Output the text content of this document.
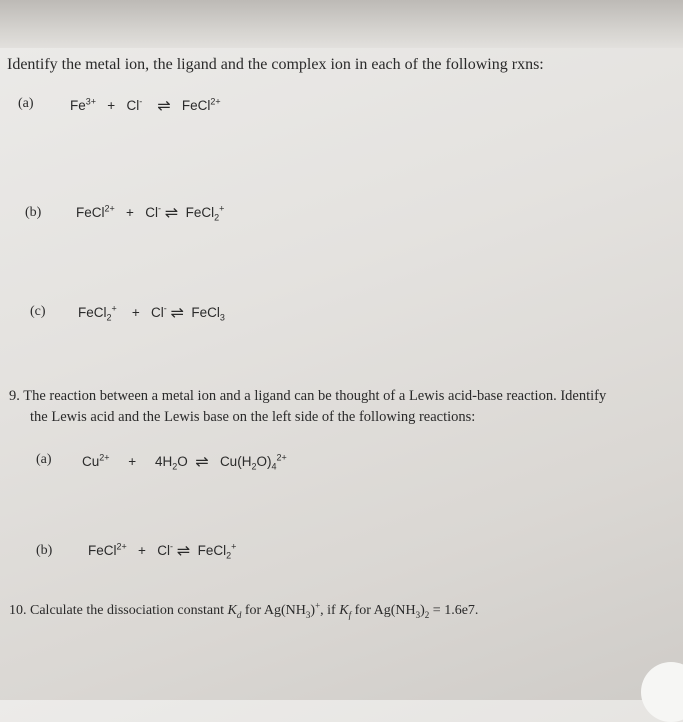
Identify the metal ion, the ligand and the complex ion in each of the following rxns:
(a)	$Fe^{3+} + Cl^-$ ⇌ FeCl$^{2+}$
(b)	FeCl$^{2+}$ + Cl- ⇌ FeCl$_2$+
(c) FeCl$_2$+ + Cl- ⇌ FeCl$_3$
9. The reaction between a metal ion and a ligand can be thought of a Lewis acid-base reaction. Identify
the Lewis acid and the Lewis base on the left side of the following reactions:
(a) $Cu^{2+} + 4H_2O$ ⇌ $Cu(H_2O)_4^{2+}$
(b)	FeCl$^{2+}$ + Cl- ⇌ FeCl$_2$+
10. Calculate the dissociation constant $K_d$ for $Ag(NH_3)^+$, if $K_f$ for $Ag(NH_3)_2 = 1.6e7$.
